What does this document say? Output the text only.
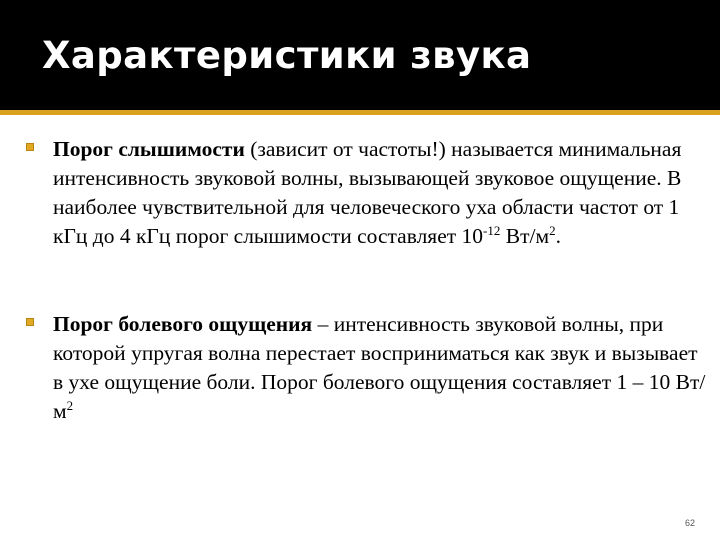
Характеристики звука
Порог слышимости (зависит от частоты!) называется минимальная интенсивность звуковой волны, вызывающей звуковое ощущение. В наиболее чувствительной для человеческого уха области частот от 1 кГц до 4 кГц порог слышимости составляет $10^{-12}$ $Вт/м^2$.
Порог болевого ощущения – интенсивность звуковой волны, при которой упругая волна перестает восприниматься как звук и вызывает в ухе ощущение боли. Порог болевого ощущения составляет 1 – 10 $Вт/м^2$
62
